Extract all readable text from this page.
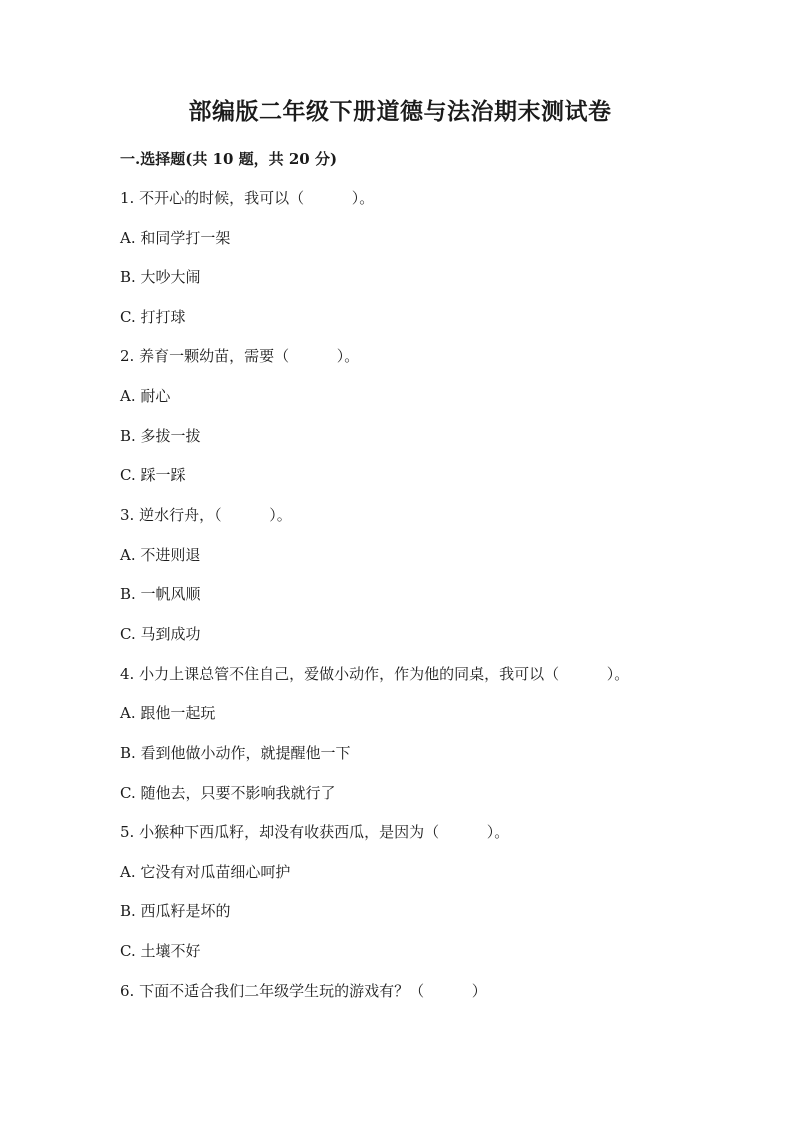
部编版二年级下册道德与法治期末测试卷
一.选择题(共 10 题，共 20 分)
1. 不开心的时候，我可以（          ）。
A. 和同学打一架
B. 大吵大闹
C. 打打球
2. 养育一颗幼苗，需要（          ）。
A. 耐心
B. 多拔一拔
C. 踩一踩
3. 逆水行舟，（          ）。
A. 不进则退
B. 一帆风顺
C. 马到成功
4. 小力上课总管不住自己，爱做小动作，作为他的同桌，我可以（          ）。
A. 跟他一起玩
B. 看到他做小动作，就提醒他一下
C. 随他去，只要不影响我就行了
5. 小猴种下西瓜籽，却没有收获西瓜，是因为（          ）。
A. 它没有对瓜苗细心呵护
B. 西瓜籽是坏的
C. 土壤不好
6. 下面不适合我们二年级学生玩的游戏有？（          ）
